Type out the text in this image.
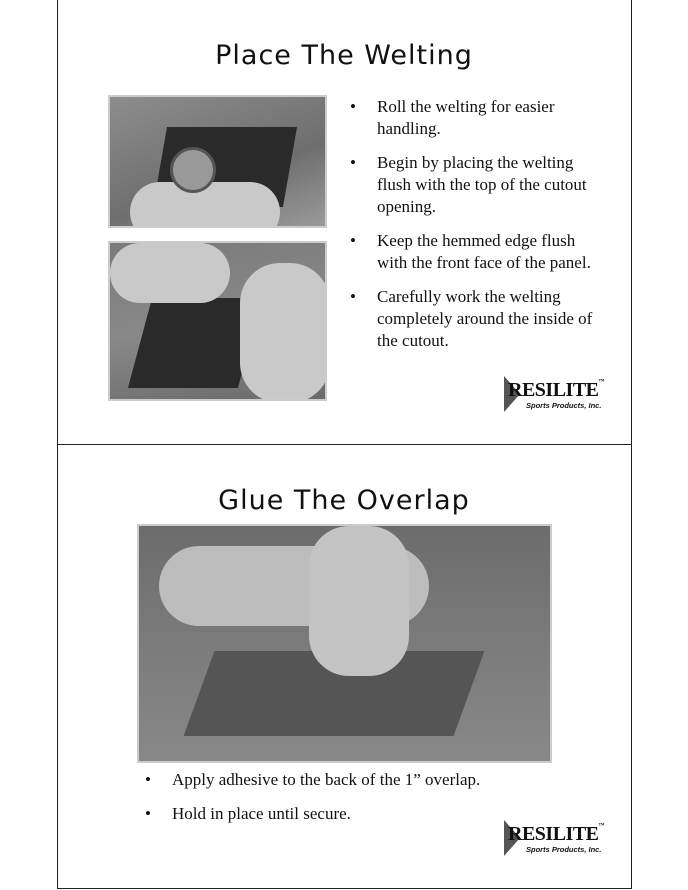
Place The Welting
• Roll the welting for easier handling.
• Begin by placing the welting flush with the top of the cutout opening.
• Keep the hemmed edge flush with the front face of the panel.
• Carefully work the welting completely around the inside of the cutout.
RESILITE™
Sports Products, Inc.
Glue The Overlap
• Apply adhesive to the back of the 1” overlap.
• Hold in place until secure.
RESILITE™
Sports Products, Inc.
